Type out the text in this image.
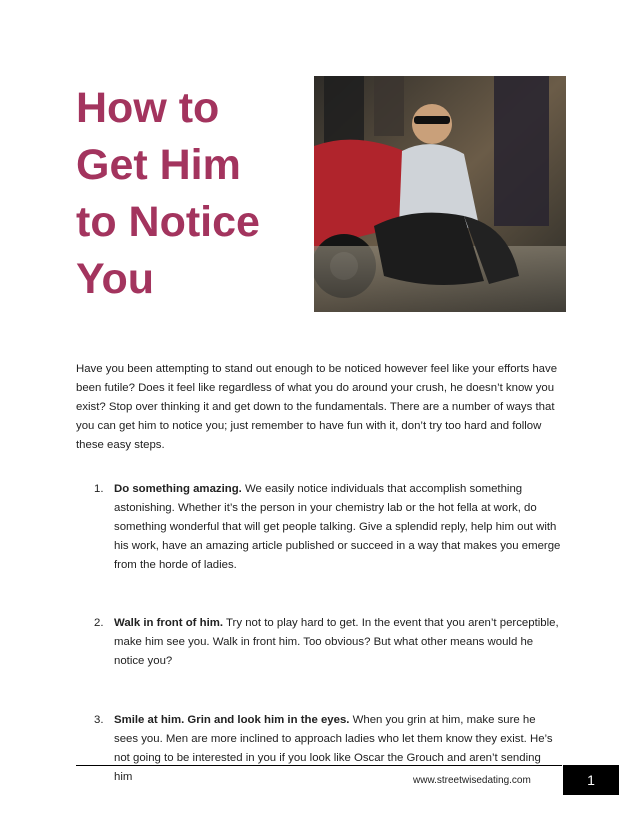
How to
Get Him
to Notice
You

Have you been attempting to stand out enough to be noticed however feel like your efforts have been futile? Does it feel like regardless of what you do around your crush, he doesn’t know you exist? Stop over thinking it and get down to the fundamentals. There are a number of ways that you can get him to notice you; just remember to have fun with it, don’t try too hard and follow these easy steps.

1. Do something amazing. We easily notice individuals that accomplish something astonishing. Whether it’s the person in your chemistry lab or the hot fella at work, do something wonderful that will get people talking. Give a splendid reply, help him out with his work, have an amazing article published or succeed in a way that makes you emerge from the horde of ladies.
2. Walk in front of him. Try not to play hard to get. In the event that you aren’t perceptible, make him see you. Walk in front him. Too obvious? But what other means would he notice you?
3. Smile at him. Grin and look him in the eyes. When you grin at him, make sure he sees you. Men are more inclined to approach ladies who let them know they exist. He’s not going to be interested in you if you look like Oscar the Grouch and aren’t sending him	www.streetwisedating.com	1
